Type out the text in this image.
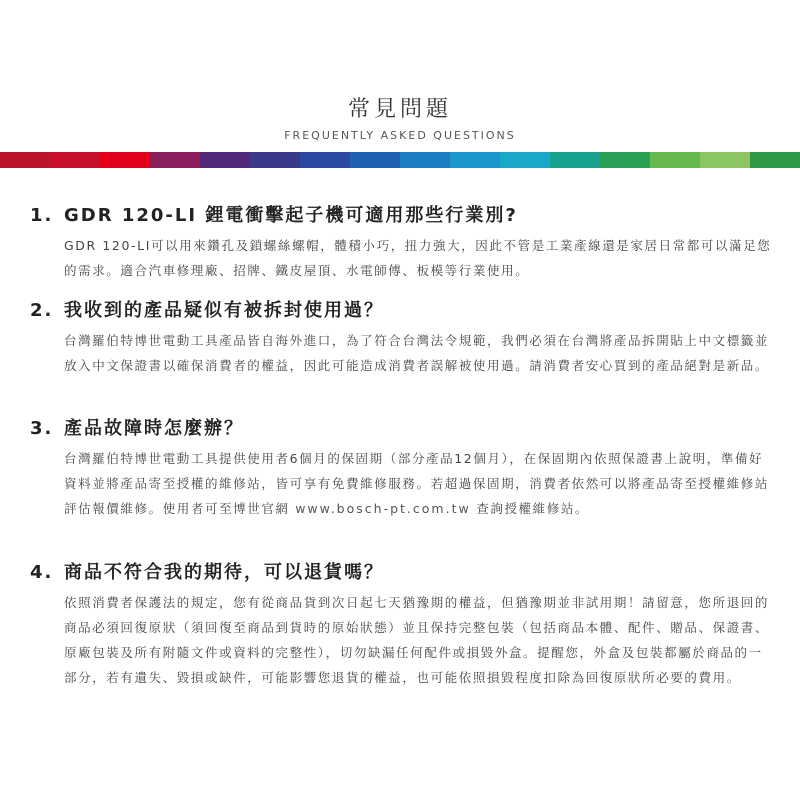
常見問題
FREQUENTLY ASKED QUESTIONS

1. GDR 120-LI 鋰電衝擊起子機可適用那些行業別?

GDR 120-LI可以用來鑽孔及鎖螺絲螺帽，體積小巧，扭力強大，因此不管是工業產線還是家居日常都可以滿足您的需求。適合汽車修理廠、招牌、鐵皮屋頂、水電師傅、板模等行業使用。

2. 我收到的產品疑似有被拆封使用過？

台灣羅伯特博世電動工具產品皆自海外進口，為了符合台灣法令規範，我們必須在台灣將產品拆開貼上中文標籤並放入中文保證書以確保消費者的權益，因此可能造成消費者誤解被使用過。請消費者安心買到的產品絕對是新品。

3. 產品故障時怎麼辦？

台灣羅伯特博世電動工具提供使用者6個月的保固期（部分產品12個月），在保固期內依照保證書上說明，準備好資料並將產品寄至授權的維修站，皆可享有免費維修服務。若超過保固期，消費者依然可以將產品寄至授權維修站評估報價維修。使用者可至博世官網 www.bosch-pt.com.tw 查詢授權維修站。

4. 商品不符合我的期待，可以退貨嗎？

依照消費者保護法的規定，您有從商品貨到次日起七天猶豫期的權益，但猶豫期並非試用期！請留意，您所退回的商品必須回復原狀（須回復至商品到貨時的原始狀態）並且保持完整包裝（包括商品本體、配件、贈品、保證書、原廠包裝及所有附隨文件或資料的完整性），切勿缺漏任何配件或損毀外盒。提醒您，外盒及包裝都屬於商品的一部分，若有遺失、毀損或缺件，可能影響您退貨的權益，也可能依照損毀程度扣除為回復原狀所必要的費用。
